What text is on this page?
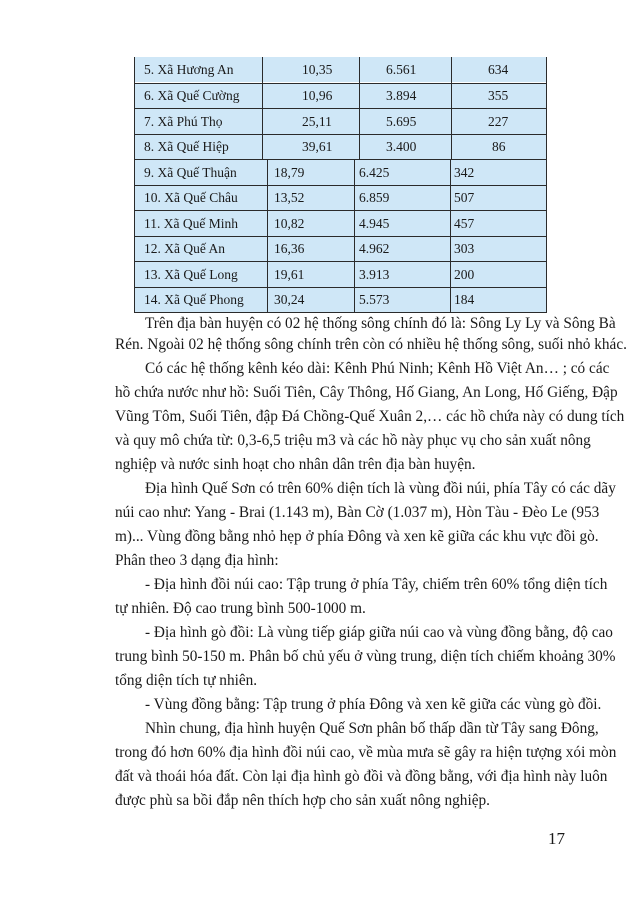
5. Xã Hương An	10,35	6.561	634
6. Xã Quế Cường	10,96	3.894	355
7. Xã Phú Thọ	25,11	5.695	227
8. Xã Quế Hiệp	39,61	3.400	86
9. Xã Quế Thuận	18,79	6.425	342
10. Xã Quế Châu	13,52	6.859	507
11. Xã Quế Minh	10,82	4.945	457
12. Xã Quế An	16,36	4.962	303
13. Xã Quế Long	19,61	3.913	200
14. Xã Quế Phong 30,24	5.573	184
Trên địa bàn huyện có 02 hệ thống sông chính đó là: Sông Ly Ly và Sông Bà
Rén. Ngoài 02 hệ thống sông chính trên còn có nhiều hệ thống sông, suối nhỏ khác.
Có các hệ thống kênh kéo dài: Kênh Phú Ninh; Kênh Hồ Việt An… ; có các
hồ chứa nước như hồ: Suối Tiên, Cây Thông, Hố Giang, An Long, Hố Giếng, Đập
Vũng Tôm, Suối Tiên, đập Đá Chồng-Quế Xuân 2,… các hồ chứa này có dung tích
và quy mô chứa từ: 0,3-6,5 triệu m3 và các hồ này phục vụ cho sản xuất nông
nghiệp và nước sinh hoạt cho nhân dân trên địa bàn huyện.
Địa hình Quế Sơn có trên 60% diện tích là vùng đồi núi, phía Tây có các dãy
núi cao như: Yang - Brai (1.143 m), Bàn Cờ (1.037 m), Hòn Tàu - Đèo Le (953
m)... Vùng đồng bằng nhỏ hẹp ở phía Đông và xen kẽ giữa các khu vực đồi gò.
Phân theo 3 dạng địa hình:
- Địa hình đồi núi cao: Tập trung ở phía Tây, chiếm trên 60% tổng diện tích
tự nhiên. Độ cao trung bình 500-1000 m.
- Địa hình gò đồi: Là vùng tiếp giáp giữa núi cao và vùng đồng bằng, độ cao
trung bình 50-150 m. Phân bố chủ yếu ở vùng trung, diện tích chiếm khoảng 30%
tổng diện tích tự nhiên.
- Vùng đồng bằng: Tập trung ở phía Đông và xen kẽ giữa các vùng gò đồi.
Nhìn chung, địa hình huyện Quế Sơn phân bố thấp dần từ Tây sang Đông,
trong đó hơn 60% địa hình đồi núi cao, về mùa mưa sẽ gây ra hiện tượng xói mòn
đất và thoái hóa đất. Còn lại địa hình gò đồi và đồng bằng, với địa hình này luôn
được phù sa bồi đắp nên thích hợp cho sản xuất nông nghiệp.
17
